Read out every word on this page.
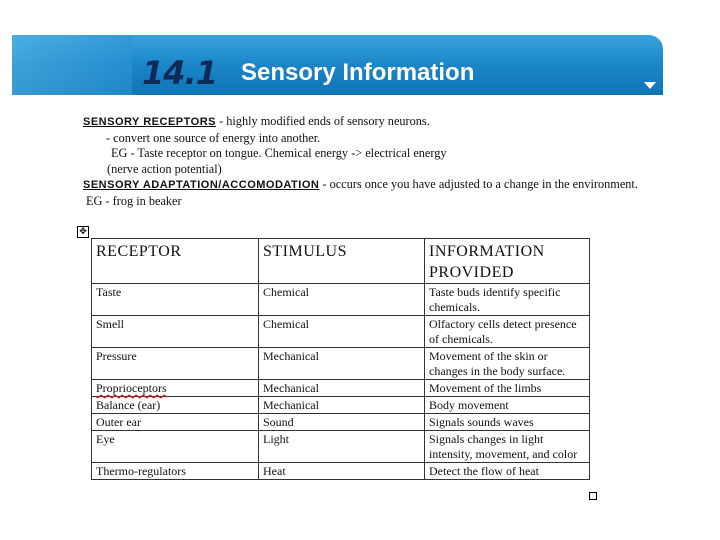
14.1 Sensory Information
SENSORY RECEPTORS - highly modified ends of sensory neurons.
- convert one source of energy into another.
EG - Taste receptor on tongue. Chemical energy -> electrical energy
(nerve action potential)
SENSORY ADAPTATION/ACCOMODATION - occurs once you have adjusted to a change in the environment.
EG - frog in beaker
✥
RECEPTOR	STIMULUS	INFORMATION PROVIDED
Taste	Chemical	Taste buds identify specific chemicals.
Smell	Chemical	Olfactory cells detect presence of chemicals.
Pressure	Mechanical	Movement of the skin or changes in the body surface.
Proprioceptors	Mechanical	Movement of the limbs
Balance (ear)	Mechanical	Body movement
Outer ear	Sound	Signals sounds waves
Eye	Light	Signals changes in light intensity, movement, and color
Thermo-regulators	Heat	Detect the flow of heat
